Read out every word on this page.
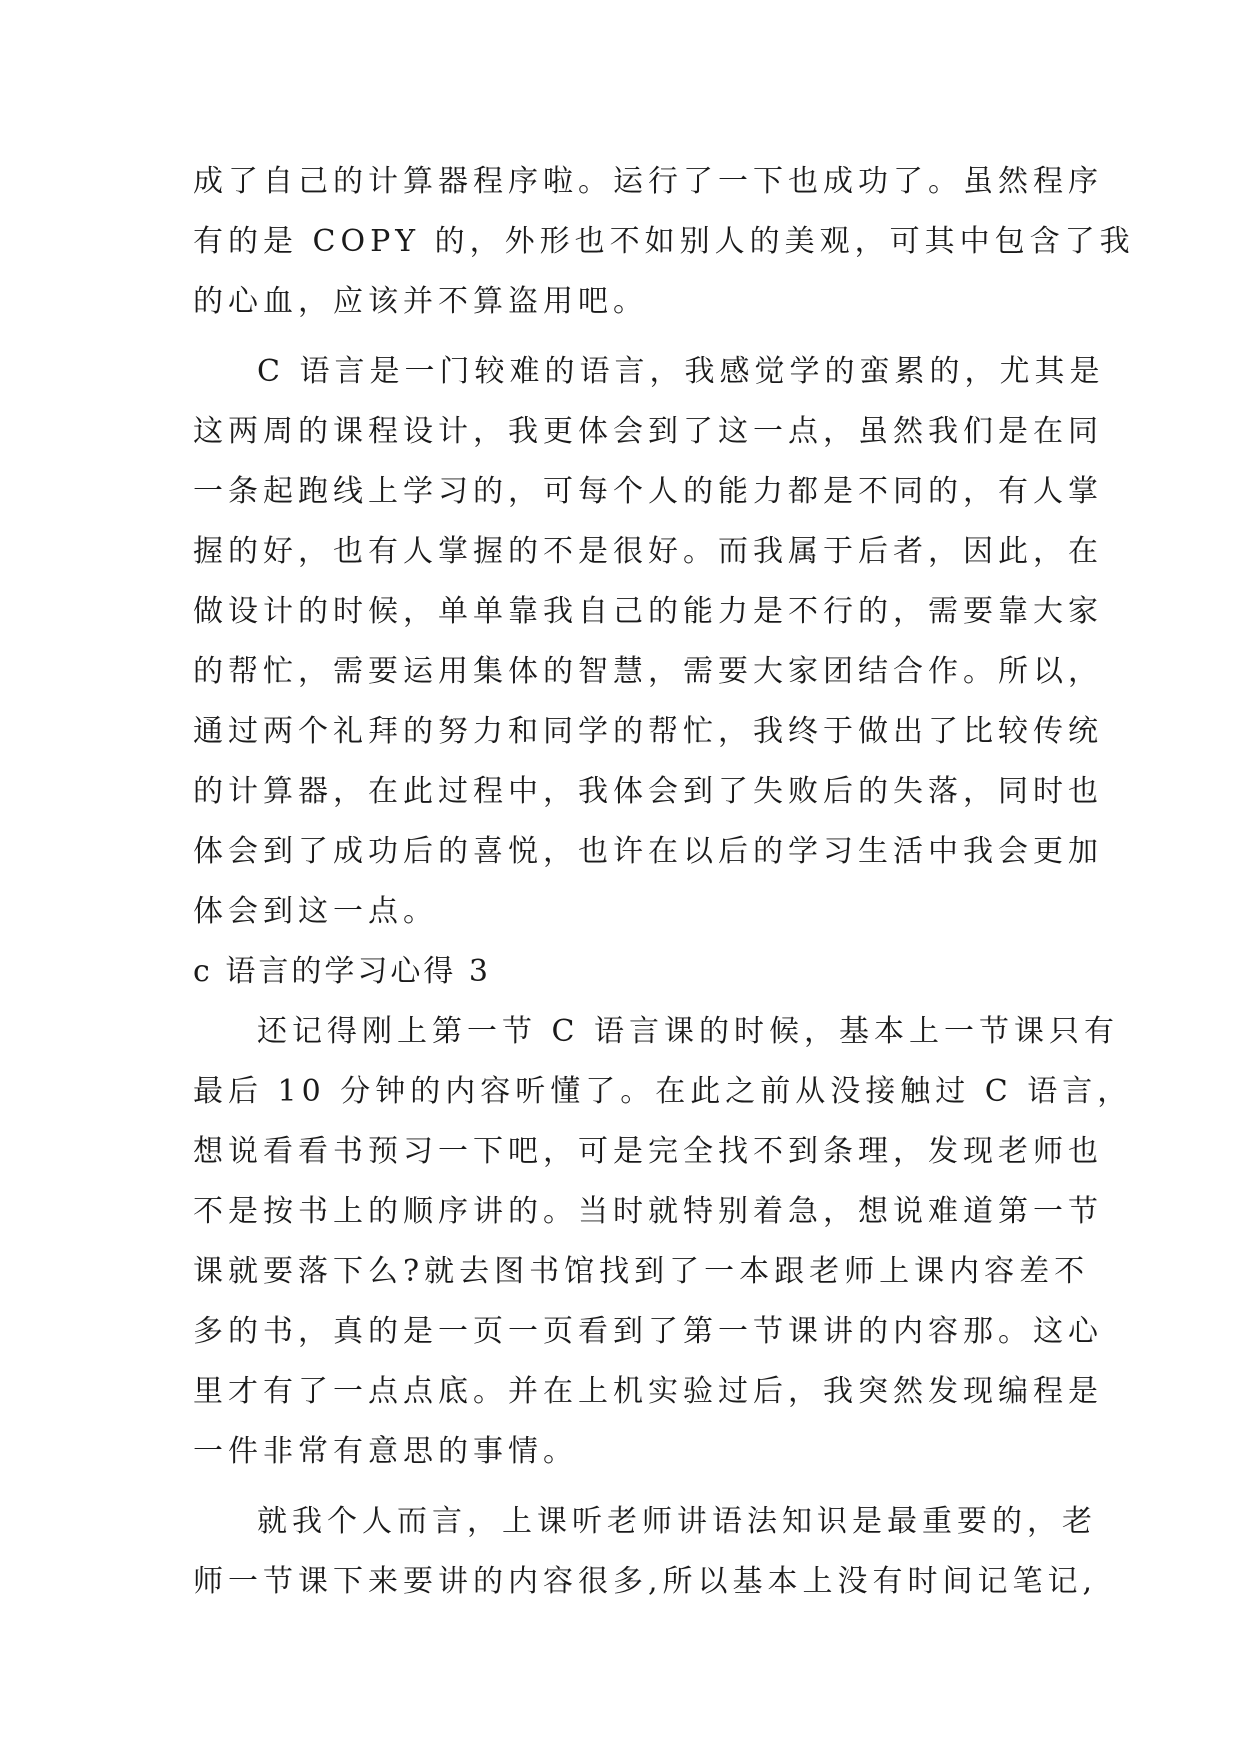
成了自己的计算器程序啦。运行了一下也成功了。虽然程序
有的是 COPY 的，外形也不如别人的美观，可其中包含了我
的心血，应该并不算盗用吧。
C 语言是一门较难的语言，我感觉学的蛮累的，尤其是
这两周的课程设计，我更体会到了这一点，虽然我们是在同
一条起跑线上学习的，可每个人的能力都是不同的，有人掌
握的好，也有人掌握的不是很好。而我属于后者，因此，在
做设计的时候，单单靠我自己的能力是不行的，需要靠大家
的帮忙，需要运用集体的智慧，需要大家团结合作。所以，
通过两个礼拜的努力和同学的帮忙，我终于做出了比较传统
的计算器，在此过程中，我体会到了失败后的失落，同时也
体会到了成功后的喜悦，也许在以后的学习生活中我会更加
体会到这一点。
c 语言的学习心得 3
还记得刚上第一节 C 语言课的时候，基本上一节课只有
最后 10 分钟的内容听懂了。在此之前从没接触过 C 语言，
想说看看书预习一下吧，可是完全找不到条理，发现老师也
不是按书上的顺序讲的。当时就特别着急，想说难道第一节
课就要落下么?就去图书馆找到了一本跟老师上课内容差不
多的书，真的是一页一页看到了第一节课讲的内容那。这心
里才有了一点点底。并在上机实验过后，我突然发现编程是
一件非常有意思的事情。
就我个人而言，上课听老师讲语法知识是最重要的，老
师一节课下来要讲的内容很多,所以基本上没有时间记笔记,
